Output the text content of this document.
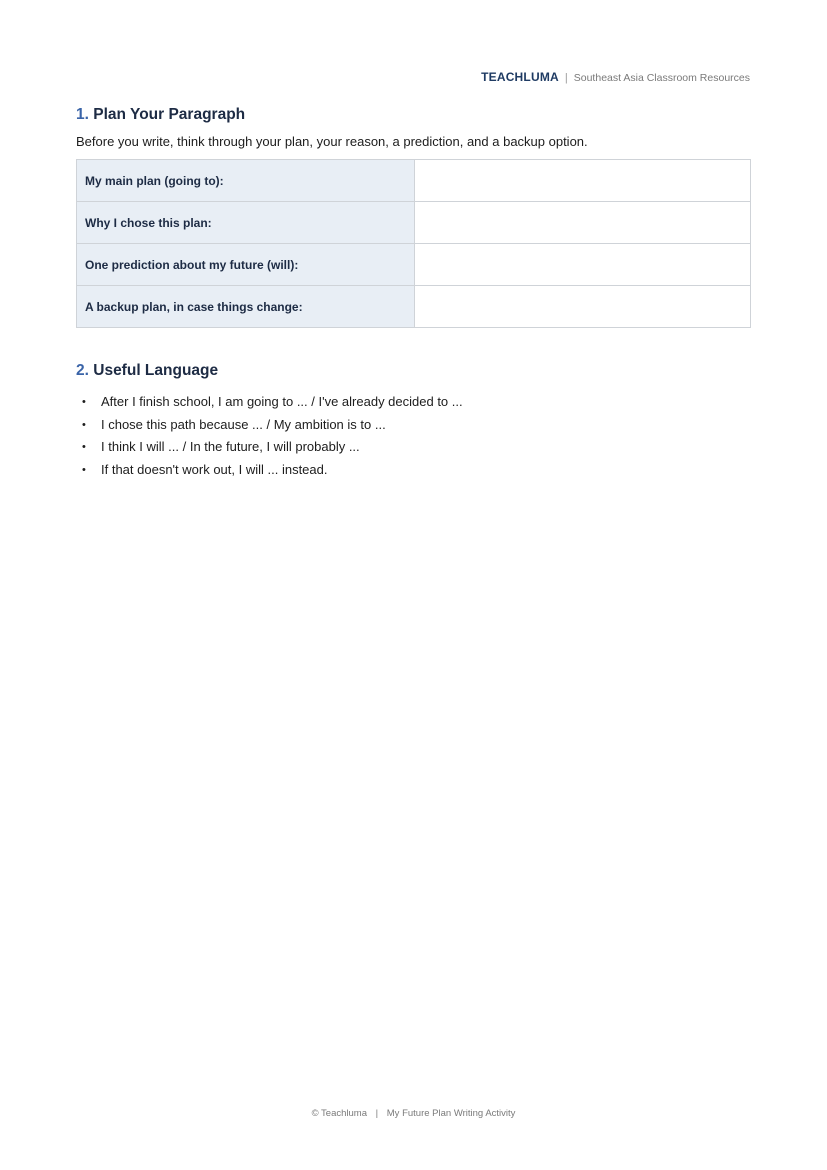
TEACHLUMA | Southeast Asia Classroom Resources
1. Plan Your Paragraph

Before you write, think through your plan, your reason, a prediction, and a backup option.

My main plan (going to):	
Why I chose this plan:	
One prediction about my future (will):	
A backup plan, in case things change:	
2. Useful Language
• After I finish school, I am going to ... / I've already decided to ...
• I chose this path because ... / My ambition is to ...
• I think I will ... / In the future, I will probably ...
• If that doesn't work out, I will ... instead.
© Teachluma | My Future Plan Writing Activity
